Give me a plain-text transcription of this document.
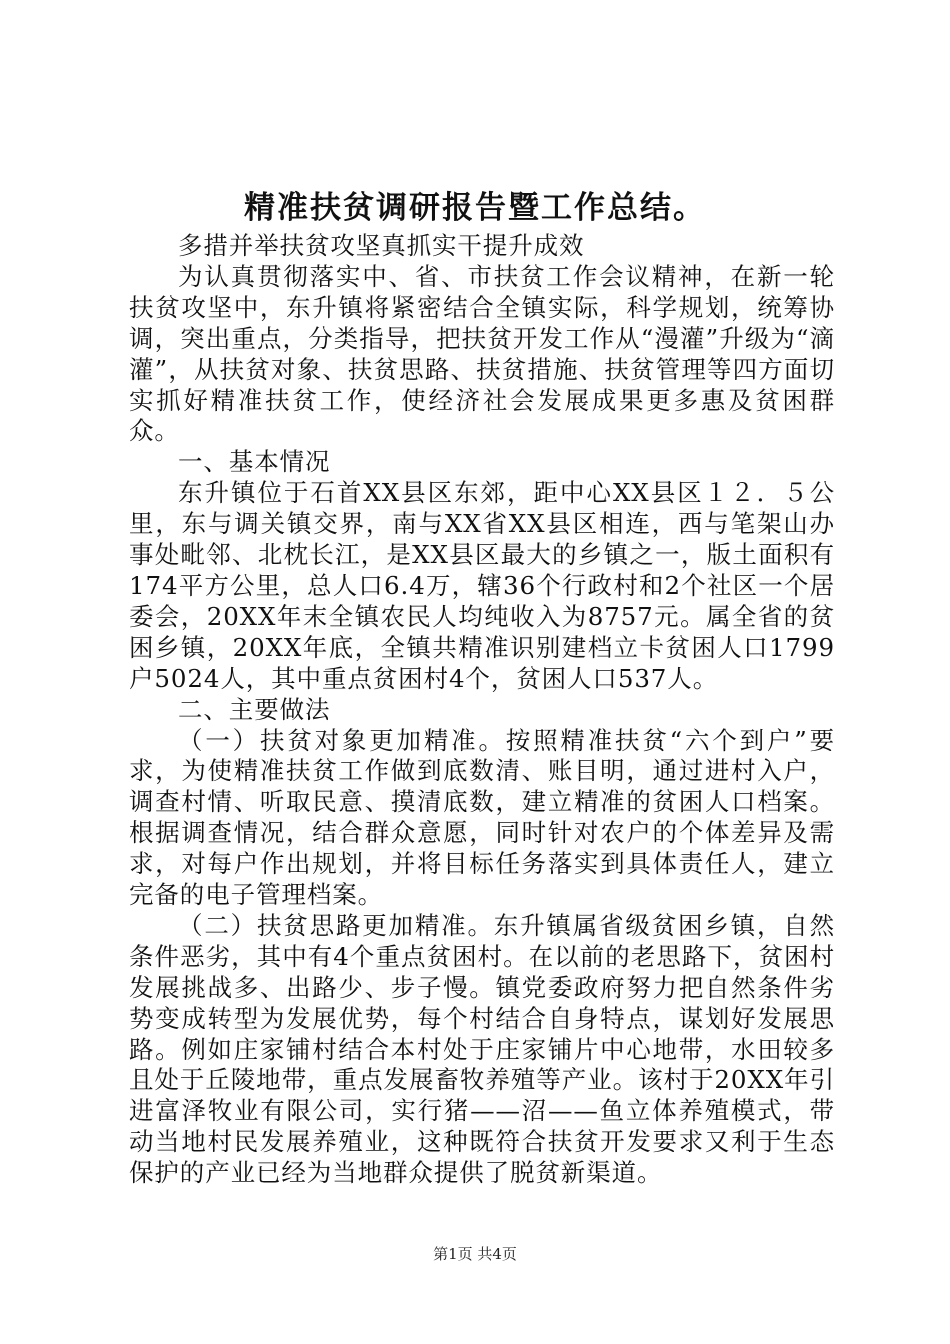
精准扶贫调研报告暨工作总结。

多措并举扶贫攻坚真抓实干提升成效

为认真贯彻落实中、省、市扶贫工作会议精神，在新一轮扶贫攻坚中，东升镇将紧密结合全镇实际，科学规划，统筹协调，突出重点，分类指导，把扶贫开发工作从“漫灌”升级为“滴灌”，从扶贫对象、扶贫思路、扶贫措施、扶贫管理等四方面切实抓好精准扶贫工作，使经济社会发展成果更多惠及贫困群众。

一、基本情况

东升镇位于石首XX县区东郊，距中心XX县区１２．５公里，东与调关镇交界，南与XX省XX县区相连，西与笔架山办事处毗邻、北枕长江，是XX县区最大的乡镇之一，版土面积有174平方公里，总人口6.4万，辖36个行政村和2个社区一个居委会，20XX年末全镇农民人均纯收入为8757元。属全省的贫困乡镇，20XX年底，全镇共精准识别建档立卡贫困人口1799户5024人，其中重点贫困村4个，贫困人口537人。

二、主要做法

（一）扶贫对象更加精准。按照精准扶贫“六个到户”要求，为使精准扶贫工作做到底数清、账目明，通过进村入户，调查村情、听取民意、摸清底数，建立精准的贫困人口档案。根据调查情况，结合群众意愿，同时针对农户的个体差异及需求，对每户作出规划，并将目标任务落实到具体责任人，建立完备的电子管理档案。

（二）扶贫思路更加精准。东升镇属省级贫困乡镇，自然条件恶劣，其中有4个重点贫困村。在以前的老思路下，贫困村发展挑战多、出路少、步子慢。镇党委政府努力把自然条件劣势变成转型为发展优势，每个村结合自身特点，谋划好发展思路。例如庄家铺村结合本村处于庄家铺片中心地带，水田较多且处于丘陵地带，重点发展畜牧养殖等产业。该村于20XX年引进富泽牧业有限公司，实行猪——沼——鱼立体养殖模式，带动当地村民发展养殖业，这种既符合扶贫开发要求又利于生态保护的产业已经为当地群众提供了脱贫新渠道。

第1页 共4页
